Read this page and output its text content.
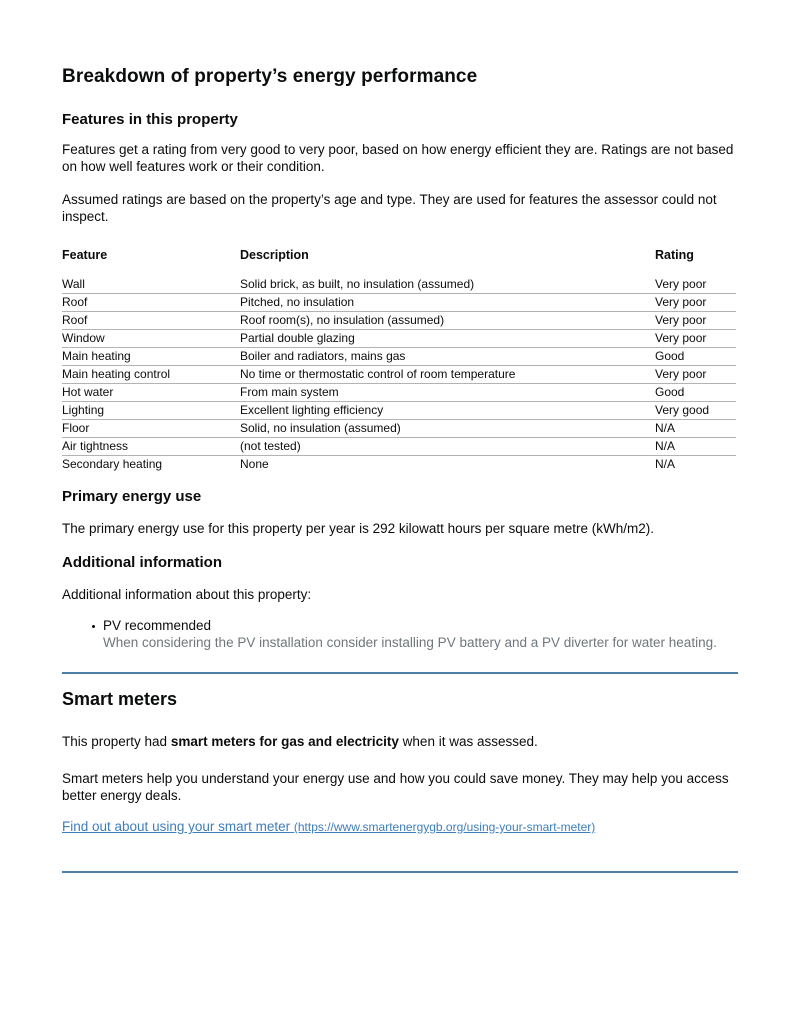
Breakdown of property’s energy performance
Features in this property

Features get a rating from very good to very poor, based on how energy efficient they are. Ratings are not based on how well features work or their condition.

Assumed ratings are based on the property’s age and type. They are used for features the assessor could not inspect.

Feature	Description	Rating
Wall	Solid brick, as built, no insulation (assumed)	Very poor
Roof	Pitched, no insulation	Very poor
Roof	Roof room(s), no insulation (assumed)	Very poor
Window	Partial double glazing	Very poor
Main heating	Boiler and radiators, mains gas	Good
Main heating control	No time or thermostatic control of room temperature	Very poor
Hot water	From main system	Good
Lighting	Excellent lighting efficiency	Very good
Floor	Solid, no insulation (assumed)	N/A
Air tightness	(not tested)	N/A
Secondary heating	None	N/A
Primary energy use

The primary energy use for this property per year is 292 kilowatt hours per square metre (kWh/m2).

Additional information

Additional information about this property:

PV recommended
When considering the PV installation consider installing PV battery and a PV diverter for water heating.
Smart meters

This property had smart meters for gas and electricity when it was assessed.

Smart meters help you understand your energy use and how you could save money. They may help you access better energy deals.

Find out about using your smart meter (https://www.smartenergygb.org/using-your-smart-meter)
